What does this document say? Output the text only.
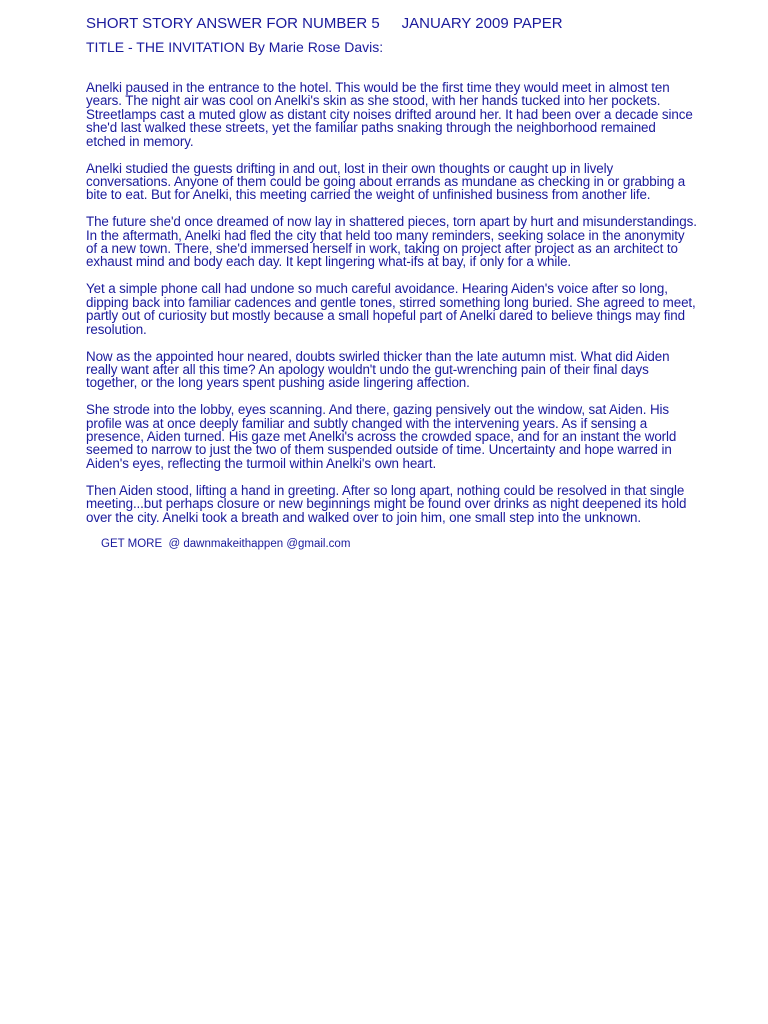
SHORT STORY ANSWER FOR NUMBER 5 JANUARY 2009 PAPER
TITLE - THE INVITATION By Marie Rose Davis:

Anelki paused in the entrance to the hotel. This would be the first time they would meet in almost ten years. The night air was cool on Anelki's skin as she stood, with her hands tucked into her pockets. Streetlamps cast a muted glow as distant city noises drifted around her. It had been over a decade since she'd last walked these streets, yet the familiar paths snaking through the neighborhood remained etched in memory.

Anelki studied the guests drifting in and out, lost in their own thoughts or caught up in lively conversations. Anyone of them could be going about errands as mundane as checking in or grabbing a bite to eat. But for Anelki, this meeting carried the weight of unfinished business from another life.

The future she'd once dreamed of now lay in shattered pieces, torn apart by hurt and misunderstandings. In the aftermath, Anelki had fled the city that held too many reminders, seeking solace in the anonymity of a new town. There, she'd immersed herself in work, taking on project after project as an architect to exhaust mind and body each day. It kept lingering what-ifs at bay, if only for a while.

Yet a simple phone call had undone so much careful avoidance. Hearing Aiden's voice after so long, dipping back into familiar cadences and gentle tones, stirred something long buried. She agreed to meet, partly out of curiosity but mostly because a small hopeful part of Anelki dared to believe things may find resolution.

Now as the appointed hour neared, doubts swirled thicker than the late autumn mist. What did Aiden really want after all this time? An apology wouldn't undo the gut-wrenching pain of their final days together, or the long years spent pushing aside lingering affection.

She strode into the lobby, eyes scanning. And there, gazing pensively out the window, sat Aiden. His profile was at once deeply familiar and subtly changed with the intervening years. As if sensing a presence, Aiden turned. His gaze met Anelki's across the crowded space, and for an instant the world seemed to narrow to just the two of them suspended outside of time. Uncertainty and hope warred in Aiden's eyes, reflecting the turmoil within Anelki's own heart.

Then Aiden stood, lifting a hand in greeting. After so long apart, nothing could be resolved in that single meeting...but perhaps closure or new beginnings might be found over drinks as night deepened its hold over the city. Anelki took a breath and walked over to join him, one small step into the unknown.

GET MORE  @ dawnmakeithappen @gmail.com
